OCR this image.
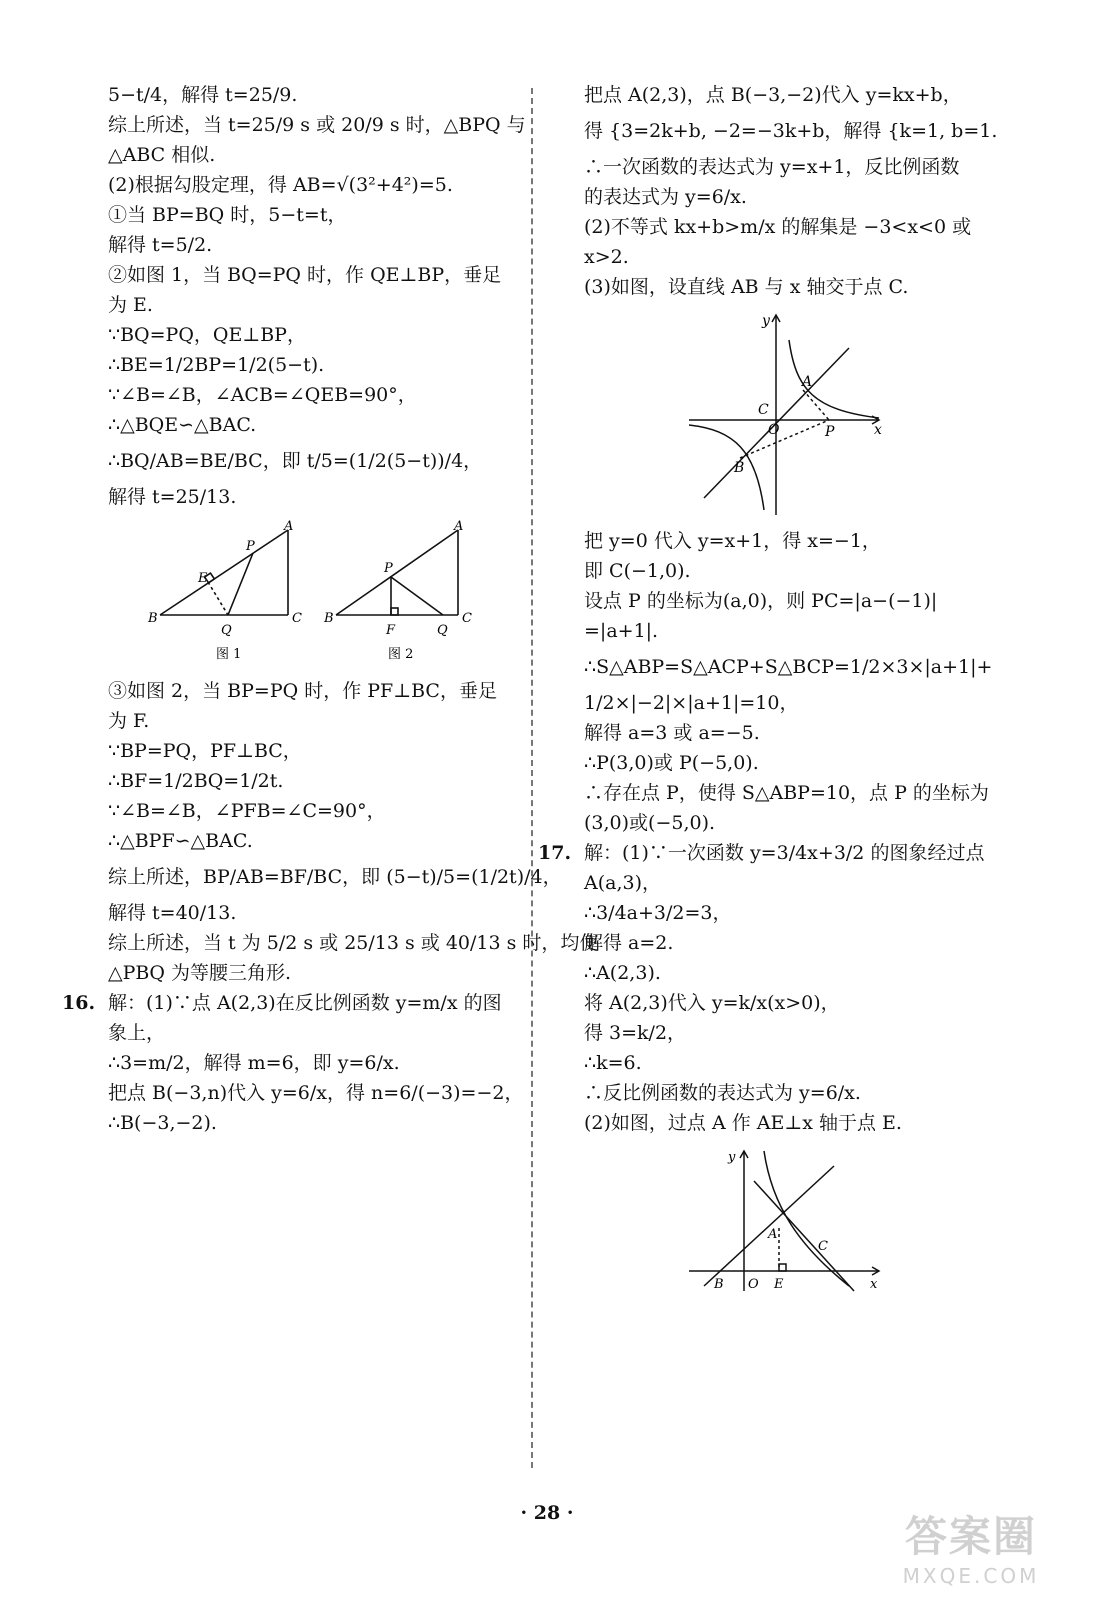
5−t/4，解得 t=25/9.
综上所述，当 t=25/9 s 或 20/9 s 时，△BPQ 与
△ABC 相似.
(2)根据勾股定理，得 AB=√(3²+4²)=5.
①当 BP=BQ 时，5−t=t，
解得 t=5/2.
②如图 1，当 BQ=PQ 时，作 QE⊥BP，垂足
为 E.
∵BQ=PQ，QE⊥BP，
∴BE=1/2BP=1/2(5−t).
∵∠B=∠B，∠ACB=∠QEB=90°，
∴△BQE∽△BAC.
∴BQ/AB=BE/BC，即 t/5=(1/2(5−t))/4，
解得 t=25/13.
A
B	C
E
P
Q
图 1
A
B	C
P
F	Q
图 2
③如图 2，当 BP=PQ 时，作 PF⊥BC，垂足
为 F.
∵BP=PQ，PF⊥BC，
∴BF=1/2BQ=1/2t.
∵∠B=∠B，∠PFB=∠C=90°，
∴△BPF∽△BAC.
综上所述，BP/AB=BF/BC，即 (5−t)/5=(1/2t)/4，
解得 t=40/13.
综上所述，当 t 为 5/2 s 或 25/13 s 或 40/13 s 时，均使
△PBQ 为等腰三角形.
16. 解：(1)∵点 A(2,3)在反比例函数 y=m/x 的图
象上，
∴3=m/2，解得 m=6，即 y=6/x.
把点 B(−3,n)代入 y=6/x，得 n=6/(−3)=−2，
∴B(−3,−2).
把点 A(2,3)，点 B(−3,−2)代入 y=kx+b，
得 {3=2k+b, −2=−3k+b，解得 {k=1, b=1.
∴一次函数的表达式为 y=x+1，反比例函数
的表达式为 y=6/x.
(2)不等式 kx+b>m/x 的解集是 −3<x<0 或
x>2.
(3)如图，设直线 AB 与 x 轴交于点 C.
y
x
A
C
O	P
B
把 y=0 代入 y=x+1，得 x=−1，
即 C(−1,0).
设点 P 的坐标为(a,0)，则 PC=|a−(−1)|
=|a+1|.
∴S△ABP=S△ACP+S△BCP=1/2×3×|a+1|+
1/2×|−2|×|a+1|=10，
解得 a=3 或 a=−5.
∴P(3,0)或 P(−5,0).
∴存在点 P，使得 S△ABP=10，点 P 的坐标为
(3,0)或(−5,0).
17. 解：(1)∵一次函数 y=3/4x+3/2 的图象经过点
A(a,3)，
∴3/4a+3/2=3，
解得 a=2.
∴A(2,3).
将 A(2,3)代入 y=k/x(x>0)，
得 3=k/2，
∴k=6.
∴反比例函数的表达式为 y=6/x.
(2)如图，过点 A 作 AE⊥x 轴于点 E.
y
x
A
C
B O E
· 28 ·	答案圈
MXQE.COM
